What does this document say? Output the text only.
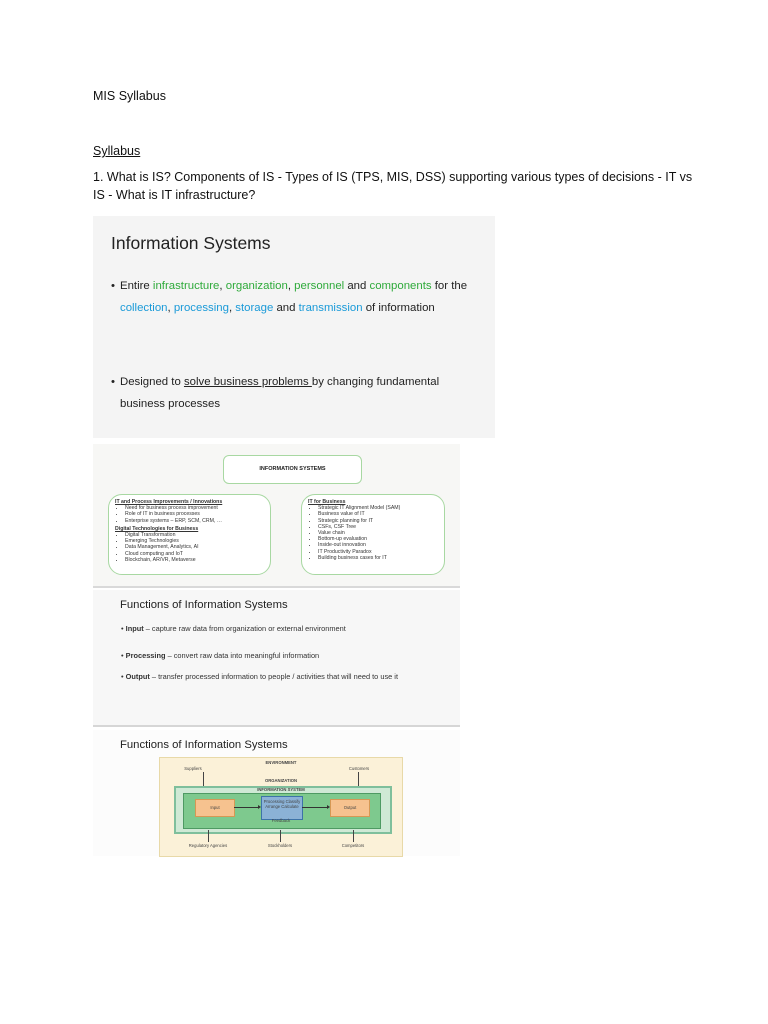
MIS Syllabus
Syllabus
1. What is IS? Components of IS - Types of IS (TPS, MIS, DSS) supporting various types of decisions - IT vs IS - What is IT infrastructure?
Information Systems
• Entire infrastructure, organization, personnel and components for the collection, processing, storage and transmission of information
• Designed to solve business problems by changing fundamental business processes
INFORMATION SYSTEMS
IT and Process Improvements / Innovations
• Need for business process improvement
• Role of IT in business processes
• Enterprise systems – ERP, SCM, CRM, …
Digital Technologies for Business
• Digital Transformation
• Emerging Technologies
• Data Management, Analytics, AI
• Cloud computing and IoT
• Blockchain, AR/VR, Metaverse
IT for Business
• Strategic IT Alignment Model (SAM)
• Business value of IT
• Strategic planning for IT
• CSFs, CSF Tree
• Value chain
• Bottom-up evaluation
• Inside-out innovation
• IT Productivity Paradox
• Building business cases for IT
Functions of Information Systems
• Input – capture raw data from organization or external environment
• Processing – convert raw data into meaningful information
• Output – transfer processed information to people / activities that will need to use it
Functions of Information Systems
ENVIRONMENT
Suppliers	Customers
ORGANIZATION
INFORMATION SYSTEM
Input
Processing Classify Arrange Calculate	Output
Feedback
Regulatory Agencies	Stockholders	Competitors
